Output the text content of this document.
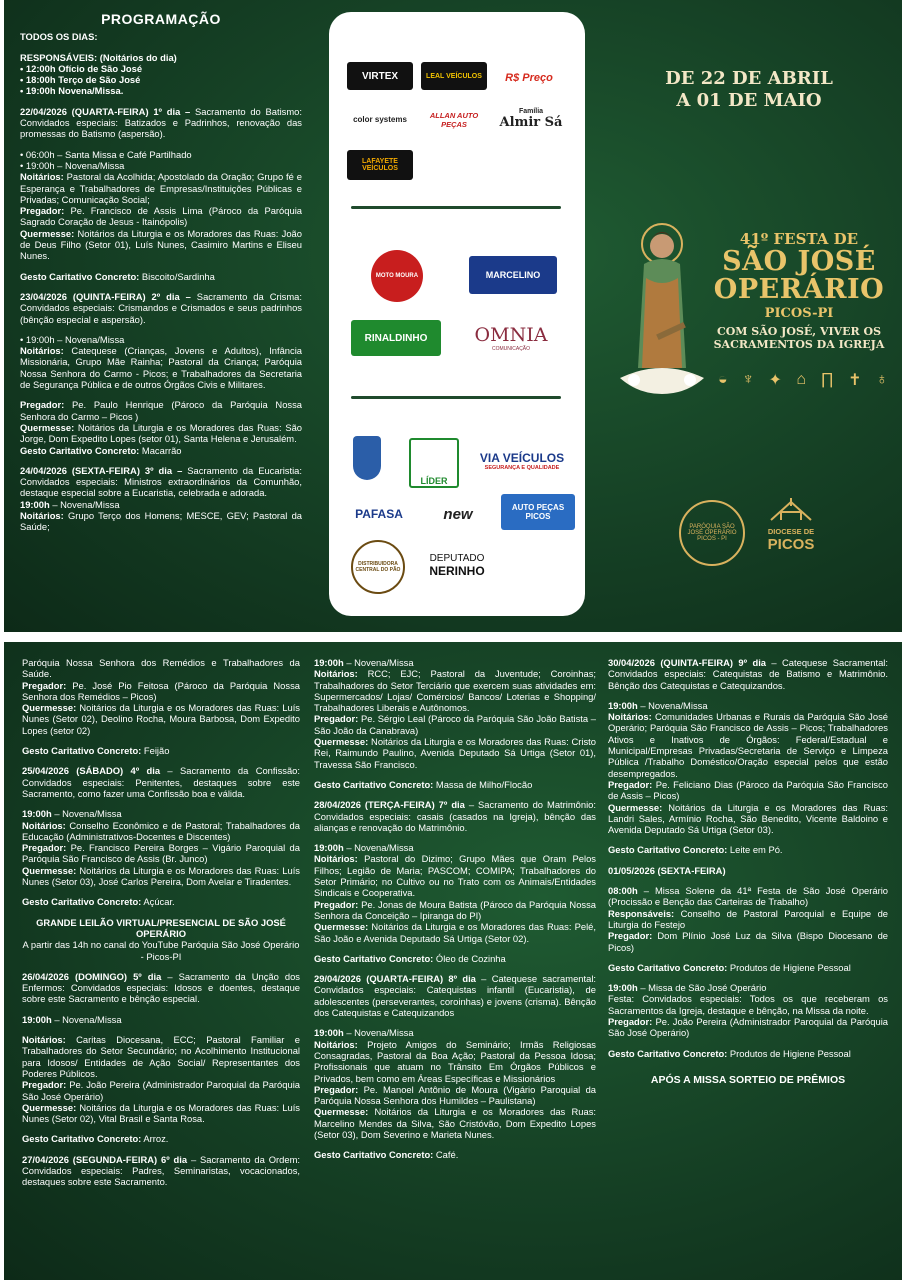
PROGRAMAÇÃO

TODOS OS DIAS:

RESPONSÁVEIS: (Noitários do dia)

• 12:00h Ofício de São José
• 18:00h Terço de São José
• 19:00h Novena/Missa.

22/04/2026 (QUARTA-FEIRA) 1º dia – Sacramento do Batismo: Convidados especiais: Batizados e Padrinhos, renovação das promessas do Batismo (aspersão).

• 06:00h – Santa Missa e Café Partilhado
• 19:00h – Novena/Missa
Noitários: Pastoral da Acolhida; Apostolado da Oração; Grupo fé e Esperança e Trabalhadores de Empresas/Instituições Públicas e Privadas; Comunicação Social;
Pregador: Pe. Francisco de Assis Lima (Pároco da Paróquia Sagrado Coração de Jesus - Itainópolis)
Quermesse: Noitários da Liturgia e os Moradores das Ruas: João de Deus Filho (Setor 01), Luís Nunes, Casimiro Martins e Eliseu Nunes.

Gesto Caritativo Concreto: Biscoito/Sardinha

23/04/2026 (QUINTA-FEIRA) 2º dia – Sacramento da Crisma: Convidados especiais: Crismandos e Crismados e seus padrinhos (bênção especial e aspersão).

• 19:00h – Novena/Missa
Noitários: Catequese (Crianças, Jovens e Adultos), Infância Missionária, Grupo Mãe Rainha; Pastoral da Criança; Paróquia Nossa Senhora do Carmo - Picos; e Trabalhadores da Secretaria de Segurança Pública e de outros Órgãos Civis e Militares.

Pregador: Pe. Paulo Henrique (Pároco da Paróquia Nossa Senhora do Carmo – Picos )
Quermesse: Noitários da Liturgia e os Moradores das Ruas: São Jorge, Dom Expedito Lopes (setor 01), Santa Helena e Jerusalém.
Gesto Caritativo Concreto: Macarrão

24/04/2026 (SEXTA-FEIRA) 3º dia – Sacramento da Eucaristia: Convidados especiais: Ministros extraordinários da Comunhão, destaque especial sobre a Eucaristia, celebrada e adorada.
19:00h – Novena/Missa
Noitários: Grupo Terço dos Homens; MESCE, GEV; Pastoral da Saúde;

VIRTEX	LEAL VEÍCULOS	R$ Preço
color systems	ALLAN AUTO PEÇAS
Família
Almir Sá
LAFAYETE VEÍCULOS
MOTO MOURA	MARCELINO
RINALDINHO	OMNIA
COMUNICAÇÃO
LÍDER
VIA VEÍCULOS
SEGURANÇA E QUALIDADE
PAFASA	new	AUTO PEÇAS PICOS
DISTRIBUIDORA CENTRAL DO PÃO
DEPUTADO
NERINHO
DE 22 DE ABRIL
A 01 DE MAIO
41º FESTA DE
SÃO JOSÉ
OPERÁRIO
PICOS-PI
COM SÃO JOSÉ, VIVER OS SACRAMENTOS DA IGREJA
◒ ♆ ✦ ⌂ ∏ ✝ ♁
PARÓQUIA SÃO JOSÉ OPERÁRIO PICOS - PI
DIOCESE DE
PICOS

Paróquia Nossa Senhora dos Remédios e Trabalhadores da Saúde.
Pregador: Pe. José Pio Feitosa (Pároco da Paróquia Nossa Senhora dos Remédios – Picos)
Quermesse: Noitários da Liturgia e os Moradores das Ruas: Luís Nunes (Setor 02), Deolino Rocha, Moura Barbosa, Dom Expedito Lopes (setor 02)

Gesto Caritativo Concreto: Feijão

25/04/2026 (SÁBADO) 4º dia – Sacramento da Confissão: Convidados especiais: Penitentes, destaques sobre este Sacramento, como fazer uma Confissão boa e válida.

19:00h – Novena/Missa
Noitários: Conselho Econômico e de Pastoral; Trabalhadores da Educação (Administrativos-Docentes e Discentes)
Pregador: Pe. Francisco Pereira Borges – Vigário Paroquial da Paróquia São Francisco de Assis (Br. Junco)
Quermesse: Noitários da Liturgia e os Moradores das Ruas: Luís Nunes (Setor 03), José Carlos Pereira, Dom Avelar e Tiradentes.

Gesto Caritativo Concreto: Açúcar.

GRANDE LEILÃO VIRTUAL/PRESENCIAL DE SÃO JOSÉ OPERÁRIO
A partir das 14h no canal do YouTube Paróquia São José Operário - Picos-PI

26/04/2026 (DOMINGO) 5º dia – Sacramento da Unção dos Enfermos: Convidados especiais: Idosos e doentes, destaque sobre este Sacramento e bênção especial.

19:00h – Novena/Missa

Noitários: Caritas Diocesana, ECC; Pastoral Familiar e Trabalhadores do Setor Secundário; no Acolhimento Institucional para Idosos/ Entidades de Ação Social/ Representantes dos Poderes Públicos.
Pregador: Pe. João Pereira (Administrador Paroquial da Paróquia São José Operário)
Quermesse: Noitários da Liturgia e os Moradores das Ruas: Luís Nunes (Setor 02), Vital Brasil e Santa Rosa.

Gesto Caritativo Concreto: Arroz.

27/04/2026 (SEGUNDA-FEIRA) 6º dia – Sacramento da Ordem: Convidados especiais: Padres, Seminaristas, vocacionados, destaques sobre este Sacramento.

19:00h – Novena/Missa
Noitários: RCC; EJC; Pastoral da Juventude; Coroinhas; Trabalhadores do Setor Terciário que exercem suas atividades em: Supermercados/ Lojas/ Comércios/ Bancos/ Loterias e Shopping/ Trabalhadores Liberais e Autônomos.
Pregador: Pe. Sérgio Leal (Pároco da Paróquia São João Batista – São João da Canabrava)
Quermesse: Noitários da Liturgia e os Moradores das Ruas: Cristo Rei, Raimundo Paulino, Avenida Deputado Sá Urtiga (Setor 01), Travessa São Francisco.

Gesto Caritativo Concreto: Massa de Milho/Flocão

28/04/2026 (TERÇA-FEIRA) 7º dia – Sacramento do Matrimônio: Convidados especiais: casais (casados na Igreja), bênção das alianças e renovação do Matrimônio.

19:00h – Novena/Missa
Noitários: Pastoral do Dizimo; Grupo Mães que Oram Pelos Filhos; Legião de Maria; PASCOM; COMIPA; Trabalhadores do Setor Primário; no Cultivo ou no Trato com os Animais/Entidades Sindicais e Cooperativa.
Pregador: Pe. Jonas de Moura Batista (Pároco da Paróquia Nossa Senhora da Conceição – Ipiranga do PI)
Quermesse: Noitários da Liturgia e os Moradores das Ruas: Pelé, São João e Avenida Deputado Sá Urtiga (Setor 02).

Gesto Caritativo Concreto: Óleo de Cozinha

29/04/2026 (QUARTA-FEIRA) 8º dia – Catequese sacramental: Convidados especiais: Catequistas infantil (Eucaristia), de adolescentes (perseverantes, coroinhas) e jovens (crisma). Bênção dos Catequistas e Catequizandos

19:00h – Novena/Missa
Noitários: Projeto Amigos do Seminário; Irmãs Religiosas Consagradas, Pastoral da Boa Ação; Pastoral da Pessoa Idosa; Profissionais que atuam no Trânsito Em Órgãos Públicos e Privados, bem como em Áreas Específicas e Missionários
Pregador: Pe. Manoel Antônio de Moura (Vigário Paroquial da Paróquia Nossa Senhora dos Humildes – Paulistana)
Quermesse: Noitários da Liturgia e os Moradores das Ruas: Marcelino Mendes da Silva, São Cristóvão, Dom Expedito Lopes (Setor 03), Dom Severino e Marieta Nunes.

Gesto Caritativo Concreto: Café.

30/04/2026 (QUINTA-FEIRA) 9º dia – Catequese Sacramental: Convidados especiais: Catequistas de Batismo e Matrimônio. Bênção dos Catequistas e Catequizandos.

19:00h – Novena/Missa
Noitários: Comunidades Urbanas e Rurais da Paróquia São José Operário; Paróquia São Francisco de Assis – Picos; Trabalhadores Ativos e Inativos de Órgãos: Federal/Estadual e Municipal/Empresas Privadas/Secretaria de Serviço e Limpeza Pública /Trabalho Doméstico/Oração especial pelos que estão desempregados.
Pregador: Pe. Feliciano Dias (Pároco da Paróquia São Francisco de Assis – Picos)
Quermesse: Noitários da Liturgia e os Moradores das Ruas: Landri Sales, Armínio Rocha, São Benedito, Vicente Baldoino e Avenida Deputado Sá Urtiga (Setor 03).

Gesto Caritativo Concreto: Leite em Pó.

01/05/2026 (SEXTA-FEIRA)

08:00h – Missa Solene da 41ª Festa de São José Operário (Procissão e Benção das Carteiras de Trabalho)
Responsáveis: Conselho de Pastoral Paroquial e Equipe de Liturgia do Festejo
Pregador: Dom Plínio José Luz da Silva (Bispo Diocesano de Picos)

Gesto Caritativo Concreto: Produtos de Higiene Pessoal

19:00h – Missa de São José Operário
Festa: Convidados especiais: Todos os que receberam os Sacramentos da Igreja, destaque e bênção, na Missa da noite.
Pregador: Pe. João Pereira (Administrador Paroquial da Paróquia São José Operário)

Gesto Caritativo Concreto: Produtos de Higiene Pessoal

APÓS A MISSA SORTEIO DE PRÊMIOS
